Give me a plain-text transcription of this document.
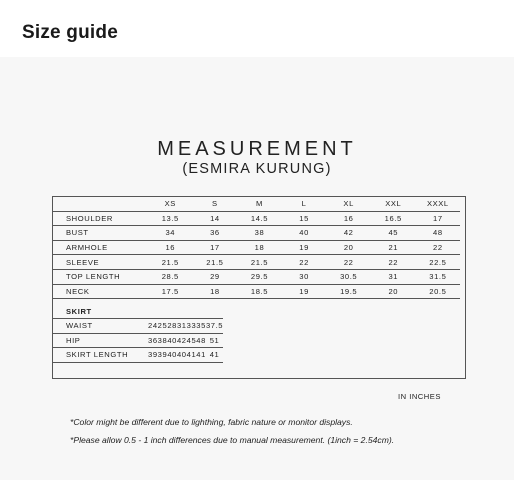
Size guide
MEASUREMENT
(ESMIRA KURUNG)
	XS	S	M	L	XL	XXL	XXXL
SHOULDER	13.5	14	14.5	15	16	16.5	17
BUST	34	36	38	40	42	45	48
ARMHOLE	16	17	18	19	20	21	22
SLEEVE	21.5	21.5	21.5	22	22	22	22.5
TOP LENGTH	28.5	29	29.5	30	30.5	31	31.5
NECK	17.5	18	18.5	19	19.5	20	20.5
SKIRT							
WAIST	24	25	28	31	33	35	37.5
HIP	36	38	40	42	45	48	51
SKIRT LENGTH	39	39	40	40	41	41	41
IN INCHES
*Color might be different due to lighthing, fabric nature or monitor displays.
*Please allow 0.5 - 1 inch differences due to manual measurement. (1inch = 2.54cm).
